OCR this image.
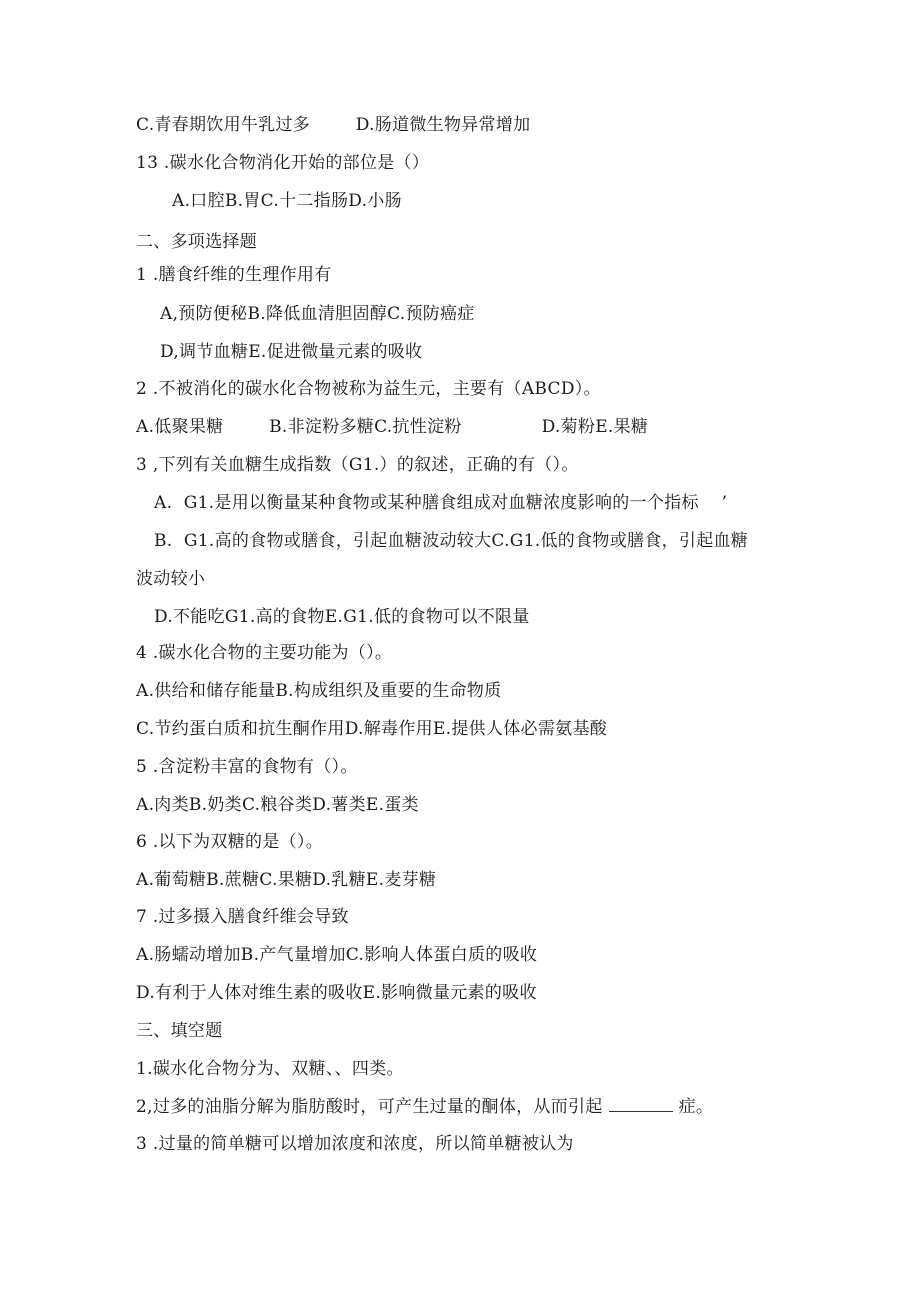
C.青春期饮用牛乳过多        D.肠道微生物异常增加
13 .碳水化合物消化开始的部位是（）
A.口腔B.胃C.十二指肠D.小肠
二、多项选择题
1 .膳食纤维的生理作用有
A,预防便秘B.降低血清胆固醇C.预防癌症
D,调节血糖E.促进微量元素的吸收
2 .不被消化的碳水化合物被称为益生元，主要有（ABCD）。
A.低聚果糖        B.非淀粉多糖C.抗性淀粉              D.菊粉E.果糖
3 ,下列有关血糖生成指数（G1.）的叙述，正确的有（）。
A.  G1.是用以衡量某种食物或某种膳食组成对血糖浓度影响的一个指标    ’
B.  G1.高的食物或膳食，引起血糖波动较大C.G1.低的食物或膳食，引起血糖
波动较小
D.不能吃G1.高的食物E.G1.低的食物可以不限量
4 .碳水化合物的主要功能为（）。
A.供给和储存能量B.构成组织及重要的生命物质
C.节约蛋白质和抗生酮作用D.解毒作用E.提供人体必需氨基酸
5 .含淀粉丰富的食物有（）。
A.肉类B.奶类C.粮谷类D.薯类E.蛋类
6 .以下为双糖的是（）。
A.葡萄糖B.蔗糖C.果糖D.乳糖E.麦芽糖
7 .过多摄入膳食纤维会导致
A.肠蠕动增加B.产气量增加C.影响人体蛋白质的吸收
D.有利于人体对维生素的吸收E.影响微量元素的吸收
三、填空题
1.碳水化合物分为、双糖、、四类。
2,过多的油脂分解为脂肪酸时，可产生过量的酮体，从而引起	症。
3 .过量的简单糖可以增加浓度和浓度，所以简单糖被认为
